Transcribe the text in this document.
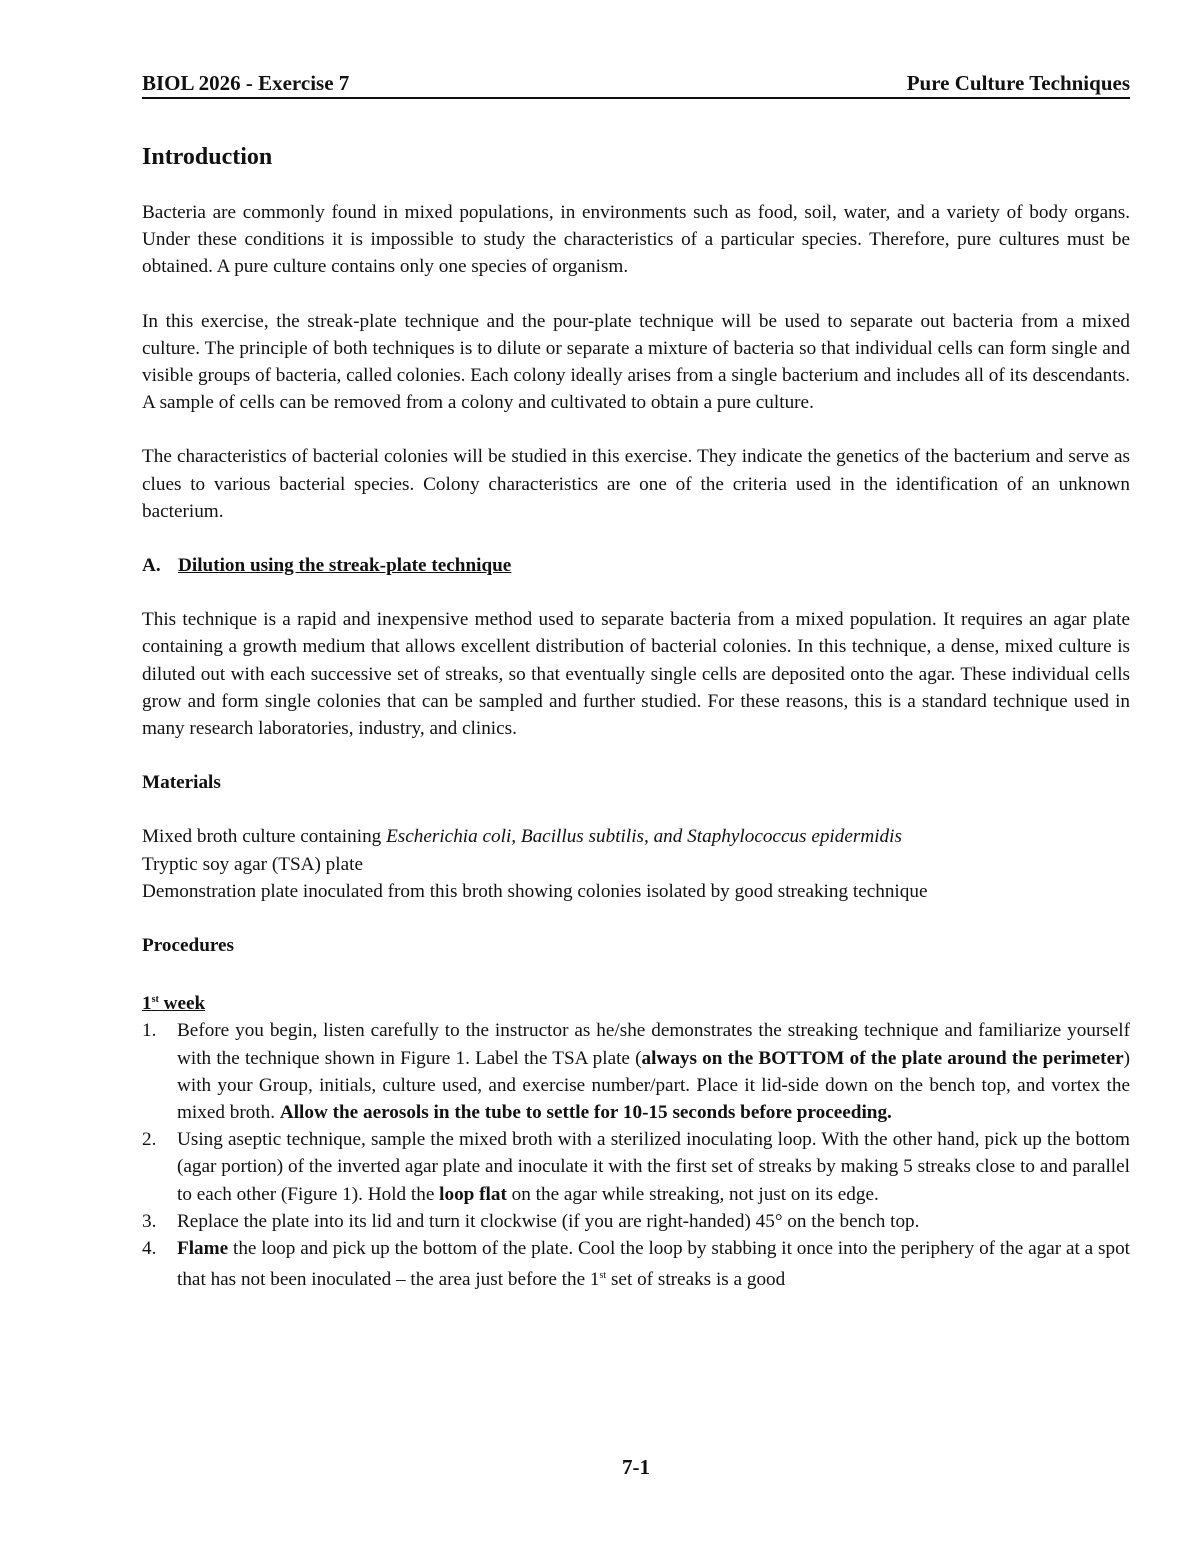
BIOL 2026 - Exercise 7	Pure Culture Techniques
Introduction

Bacteria are commonly found in mixed populations, in environments such as food, soil, water, and a variety of body organs. Under these conditions it is impossible to study the characteristics of a particular species. Therefore, pure cultures must be obtained. A pure culture contains only one species of organism.

In this exercise, the streak-plate technique and the pour-plate technique will be used to separate out bacteria from a mixed culture. The principle of both techniques is to dilute or separate a mixture of bacteria so that individual cells can form single and visible groups of bacteria, called colonies. Each colony ideally arises from a single bacterium and includes all of its descendants. A sample of cells can be removed from a colony and cultivated to obtain a pure culture.

The characteristics of bacterial colonies will be studied in this exercise. They indicate the genetics of the bacterium and serve as clues to various bacterial species. Colony characteristics are one of the criteria used in the identification of an unknown bacterium.

A. Dilution using the streak-plate technique

This technique is a rapid and inexpensive method used to separate bacteria from a mixed population. It requires an agar plate containing a growth medium that allows excellent distribution of bacterial colonies. In this technique, a dense, mixed culture is diluted out with each successive set of streaks, so that eventually single cells are deposited onto the agar. These individual cells grow and form single colonies that can be sampled and further studied. For these reasons, this is a standard technique used in many research laboratories, industry, and clinics.

Materials
Mixed broth culture containing Escherichia coli, Bacillus subtilis, and Staphylococcus epidermidis
Tryptic soy agar (TSA) plate
Demonstration plate inoculated from this broth showing colonies isolated by good streaking technique
Procedures
1st week
1. Before you begin, listen carefully to the instructor as he/she demonstrates the streaking technique and familiarize yourself with the technique shown in Figure 1. Label the TSA plate (always on the BOTTOM of the plate around the perimeter) with your Group, initials, culture used, and exercise number/part. Place it lid-side down on the bench top, and vortex the mixed broth. Allow the aerosols in the tube to settle for 10-15 seconds before proceeding.
2. Using aseptic technique, sample the mixed broth with a sterilized inoculating loop. With the other hand, pick up the bottom (agar portion) of the inverted agar plate and inoculate it with the first set of streaks by making 5 streaks close to and parallel to each other (Figure 1). Hold the loop flat on the agar while streaking, not just on its edge.
3. Replace the plate into its lid and turn it clockwise (if you are right-handed) 45° on the bench top.
4. Flame the loop and pick up the bottom of the plate. Cool the loop by stabbing it once into the periphery of the agar at a spot that has not been inoculated – the area just before the 1st set of streaks is a good
7-1
